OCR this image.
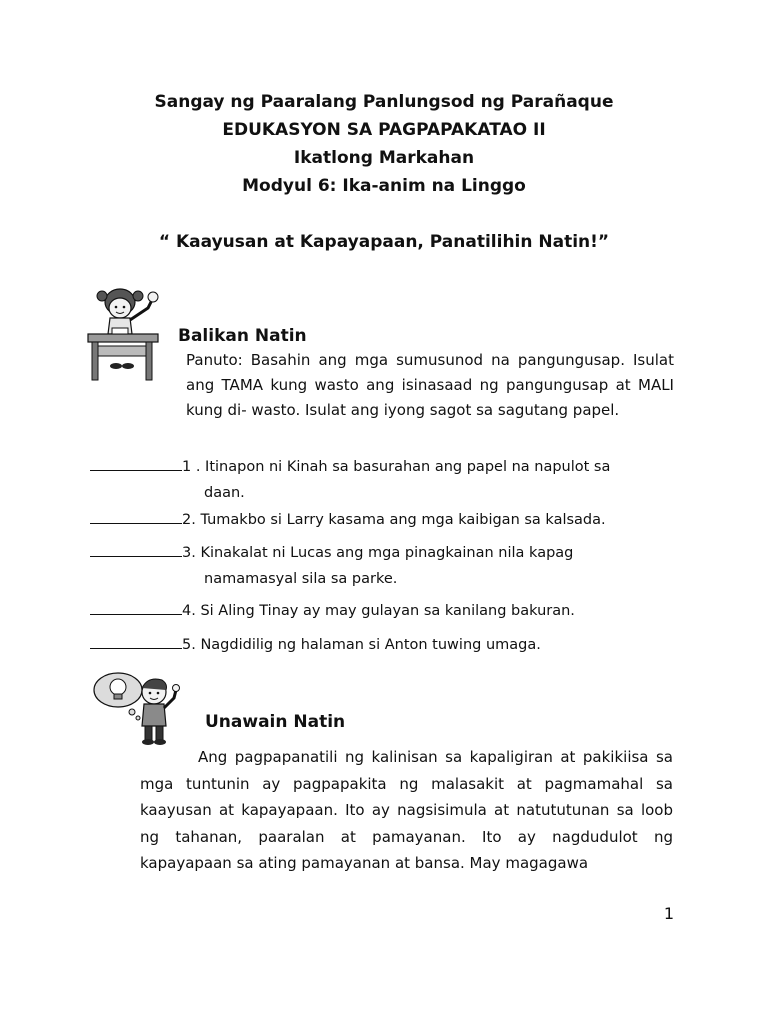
Sangay ng Paaralang Panlungsod ng Parañaque
EDUKASYON SA PAGPAPAKATAO II
Ikatlong Markahan
Modyul 6: Ika-anim na Linggo
“ Kaayusan at Kapayapaan, Panatilihin Natin!”
Balikan Natin
Panuto: Basahin ang mga sumusunod na pangungusap. Isulat ang TAMA kung wasto ang isinasaad ng pangungusap at MALI kung di- wasto. Isulat ang iyong sagot sa sagutang papel.
1 . Itinapon ni Kinah sa basurahan ang papel na napulot sa
daan.
2. Tumakbo si Larry kasama ang mga kaibigan sa kalsada.
3. Kinakalat ni Lucas ang mga pinagkainan nila kapag
namamasyal sila sa parke.
4. Si Aling Tinay ay may gulayan sa kanilang bakuran.
5. Nagdidilig ng halaman si Anton tuwing umaga.
Unawain Natin
Ang pagpapanatili ng kalinisan sa kapaligiran at pakikiisa sa mga tuntunin ay pagpapakita ng malasakit at pagmamahal sa kaayusan at kapayapaan. Ito ay nagsisimula at natututunan sa loob ng tahanan, paaralan at pamayanan. Ito ay nagdudulot ng kapayapaan sa ating pamayanan at bansa. May magagawa
1
